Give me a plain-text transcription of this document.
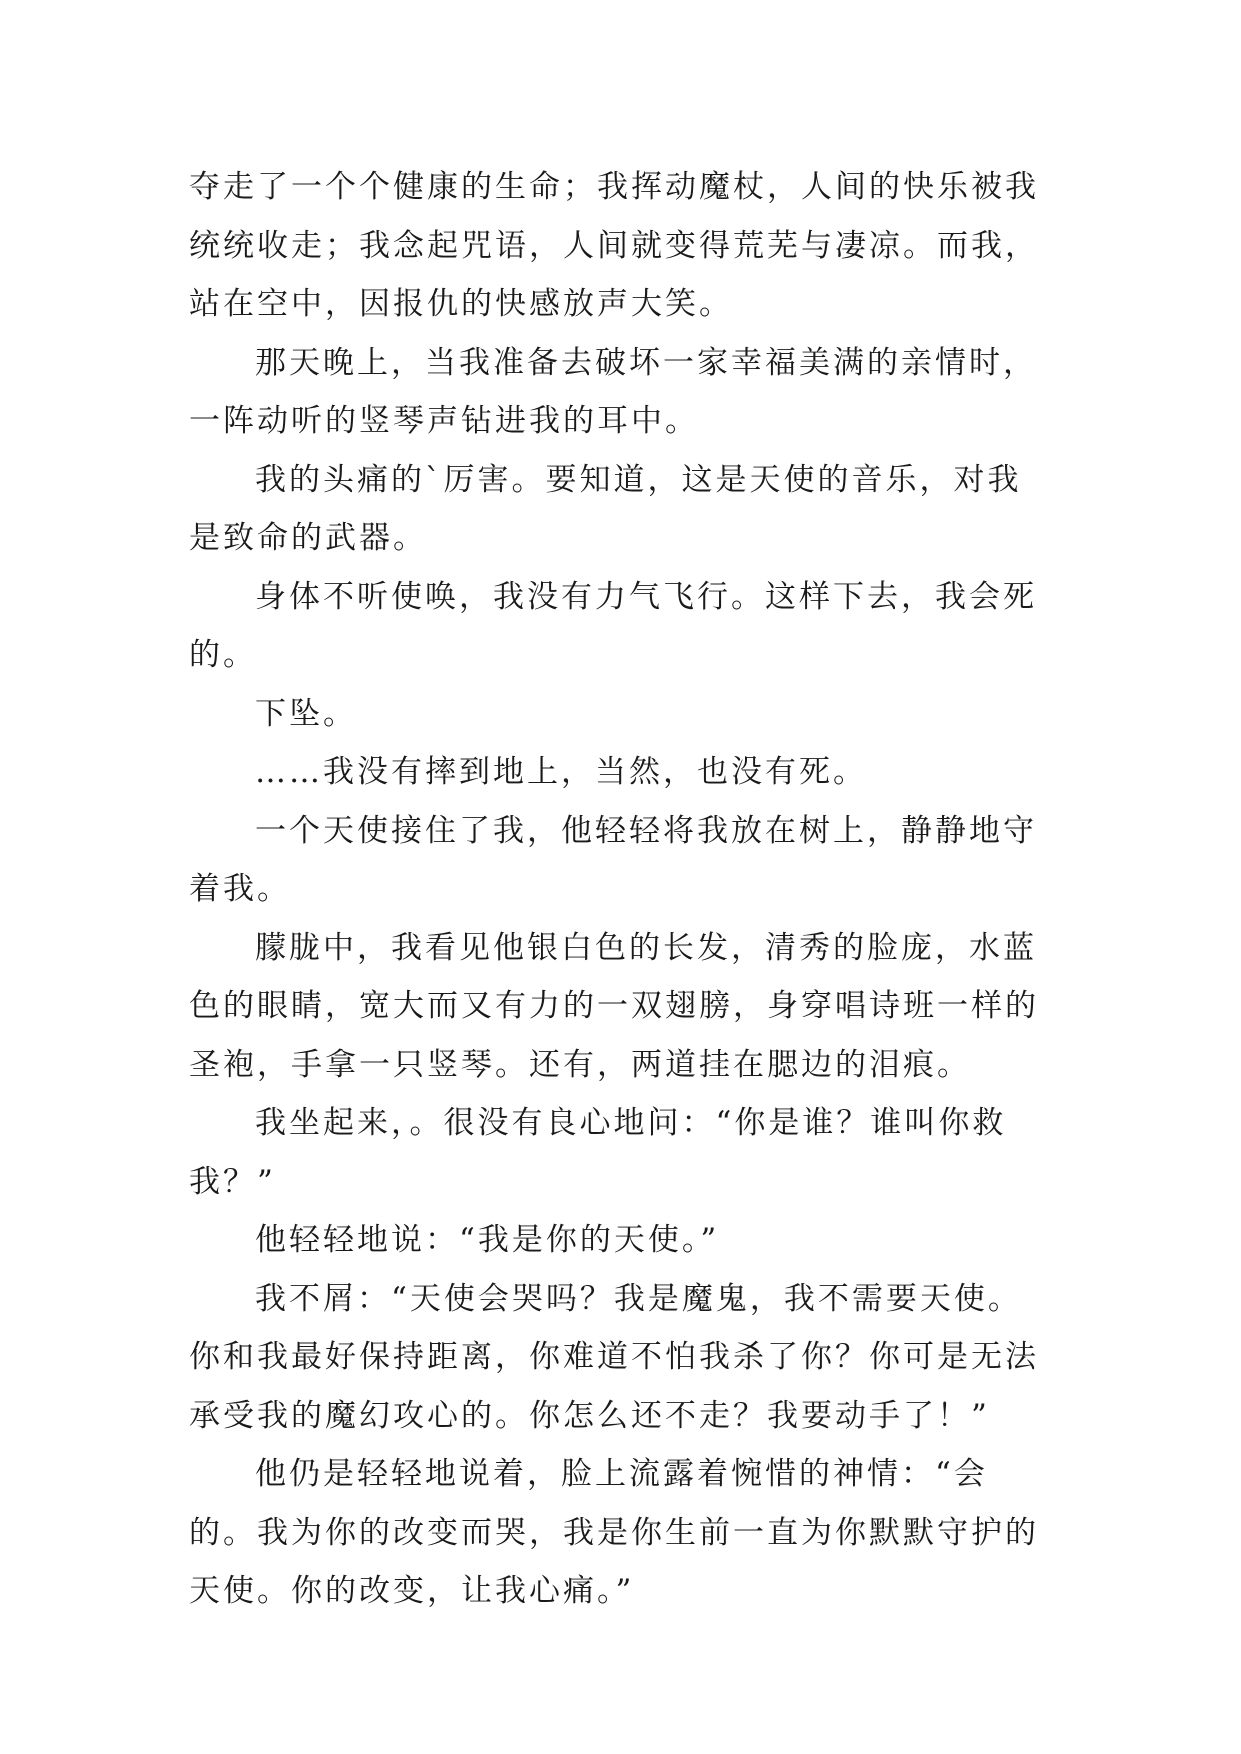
夺走了一个个健康的生命；我挥动魔杖，人间的快乐被我统统收走；我念起咒语，人间就变得荒芜与凄凉。而我，站在空中，因报仇的快感放声大笑。

那天晚上，当我准备去破坏一家幸福美满的亲情时，一阵动听的竖琴声钻进我的耳中。

我的头痛的`厉害。要知道，这是天使的音乐，对我是致命的武器。

身体不听使唤，我没有力气飞行。这样下去，我会死的。

下坠。

……我没有摔到地上，当然，也没有死。

一个天使接住了我，他轻轻将我放在树上，静静地守着我。

朦胧中，我看见他银白色的长发，清秀的脸庞，水蓝色的眼睛，宽大而又有力的一双翅膀，身穿唱诗班一样的圣袍，手拿一只竖琴。还有，两道挂在腮边的泪痕。

我坐起来，。很没有良心地问：“你是谁？谁叫你救我？”

他轻轻地说：“我是你的天使。”

我不屑：“天使会哭吗？我是魔鬼，我不需要天使。你和我最好保持距离，你难道不怕我杀了你？你可是无法承受我的魔幻攻心的。你怎么还不走？我要动手了！”

他仍是轻轻地说着，脸上流露着惋惜的神情：“会的。我为你的改变而哭，我是你生前一直为你默默守护的天使。你的改变，让我心痛。”
